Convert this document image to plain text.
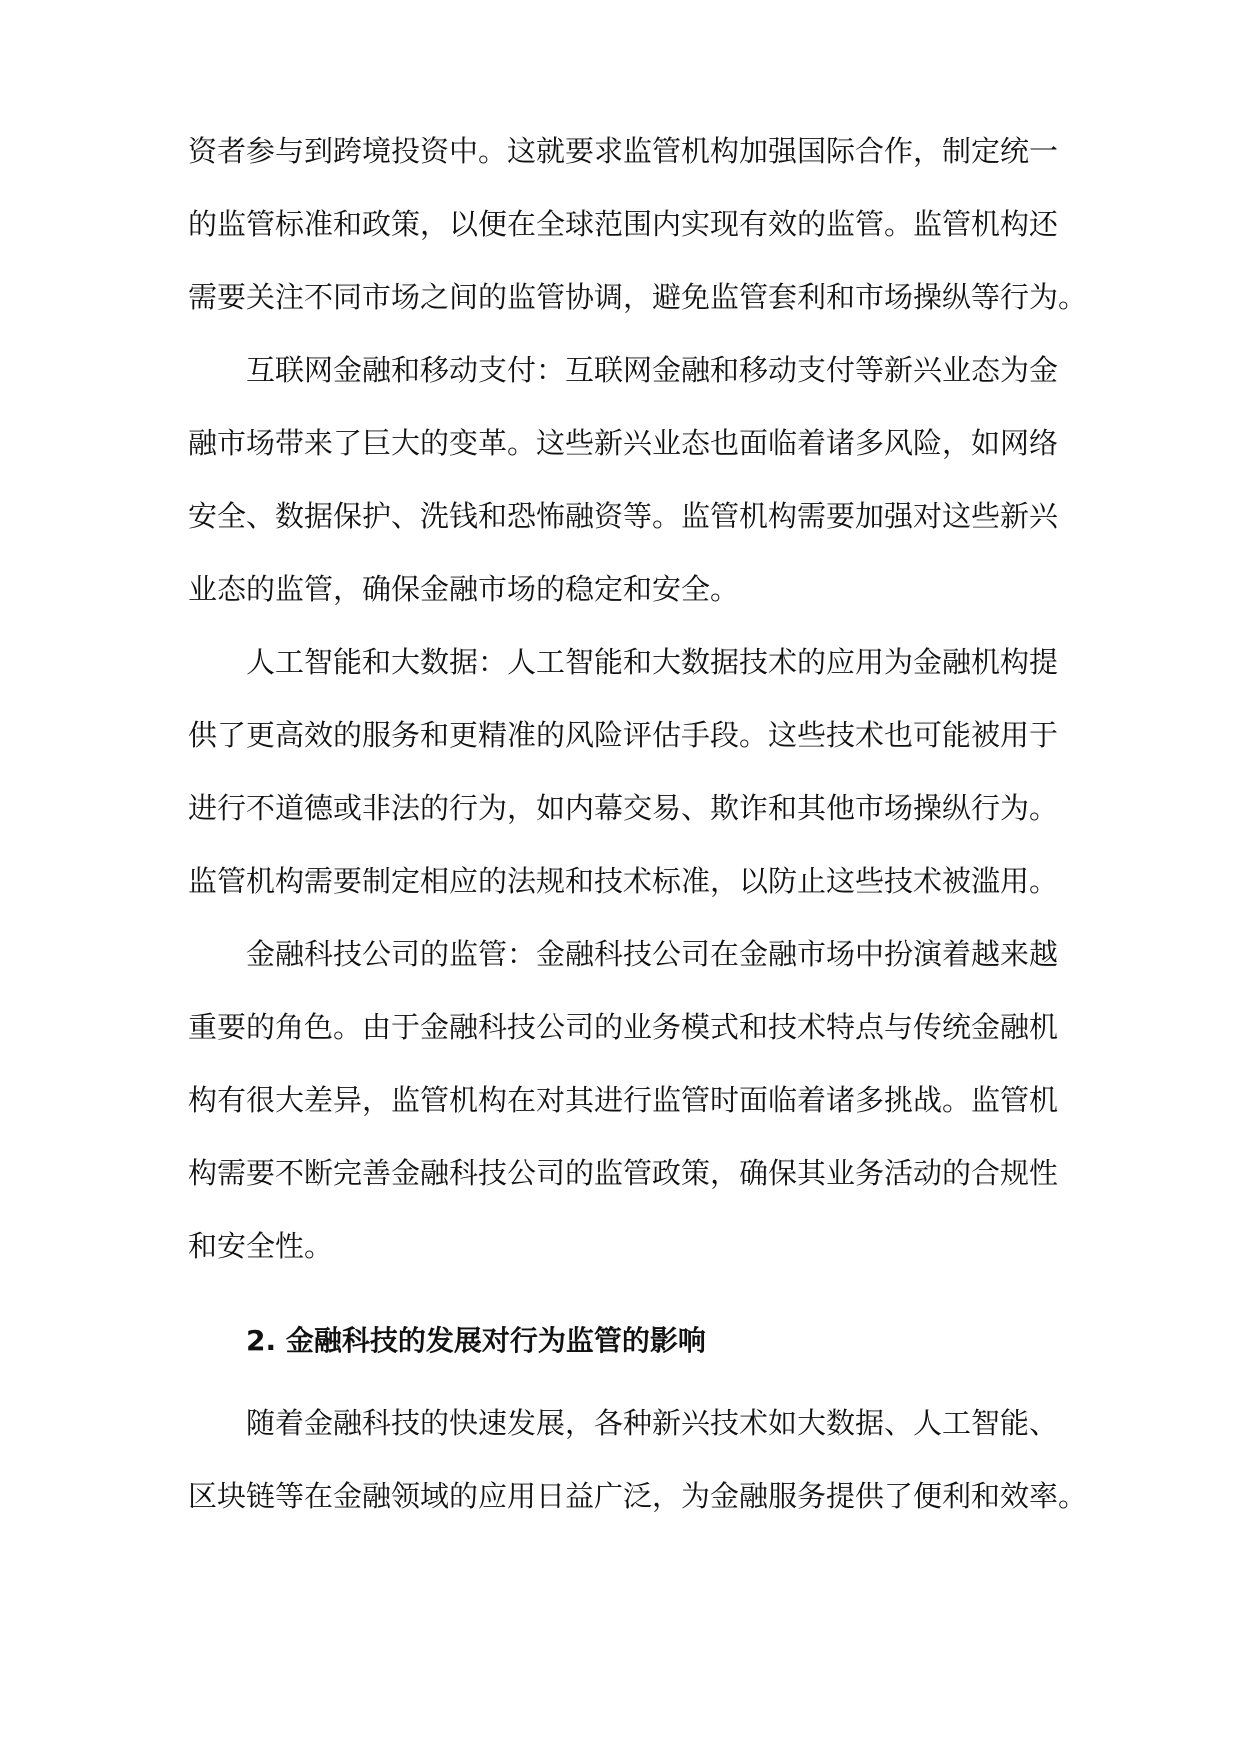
资者参与到跨境投资中。这就要求监管机构加强国际合作，制定统一
的监管标准和政策，以便在全球范围内实现有效的监管。监管机构还
需要关注不同市场之间的监管协调，避免监管套利和市场操纵等行为。
互联网金融和移动支付：互联网金融和移动支付等新兴业态为金
融市场带来了巨大的变革。这些新兴业态也面临着诸多风险，如网络
安全、数据保护、洗钱和恐怖融资等。监管机构需要加强对这些新兴
业态的监管，确保金融市场的稳定和安全。
人工智能和大数据：人工智能和大数据技术的应用为金融机构提
供了更高效的服务和更精准的风险评估手段。这些技术也可能被用于
进行不道德或非法的行为，如内幕交易、欺诈和其他市场操纵行为。
监管机构需要制定相应的法规和技术标准，以防止这些技术被滥用。
金融科技公司的监管：金融科技公司在金融市场中扮演着越来越
重要的角色。由于金融科技公司的业务模式和技术特点与传统金融机
构有很大差异，监管机构在对其进行监管时面临着诸多挑战。监管机
构需要不断完善金融科技公司的监管政策，确保其业务活动的合规性
和安全性。
2. 金融科技的发展对行为监管的影响
随着金融科技的快速发展，各种新兴技术如大数据、人工智能、
区块链等在金融领域的应用日益广泛，为金融服务提供了便利和效率。
